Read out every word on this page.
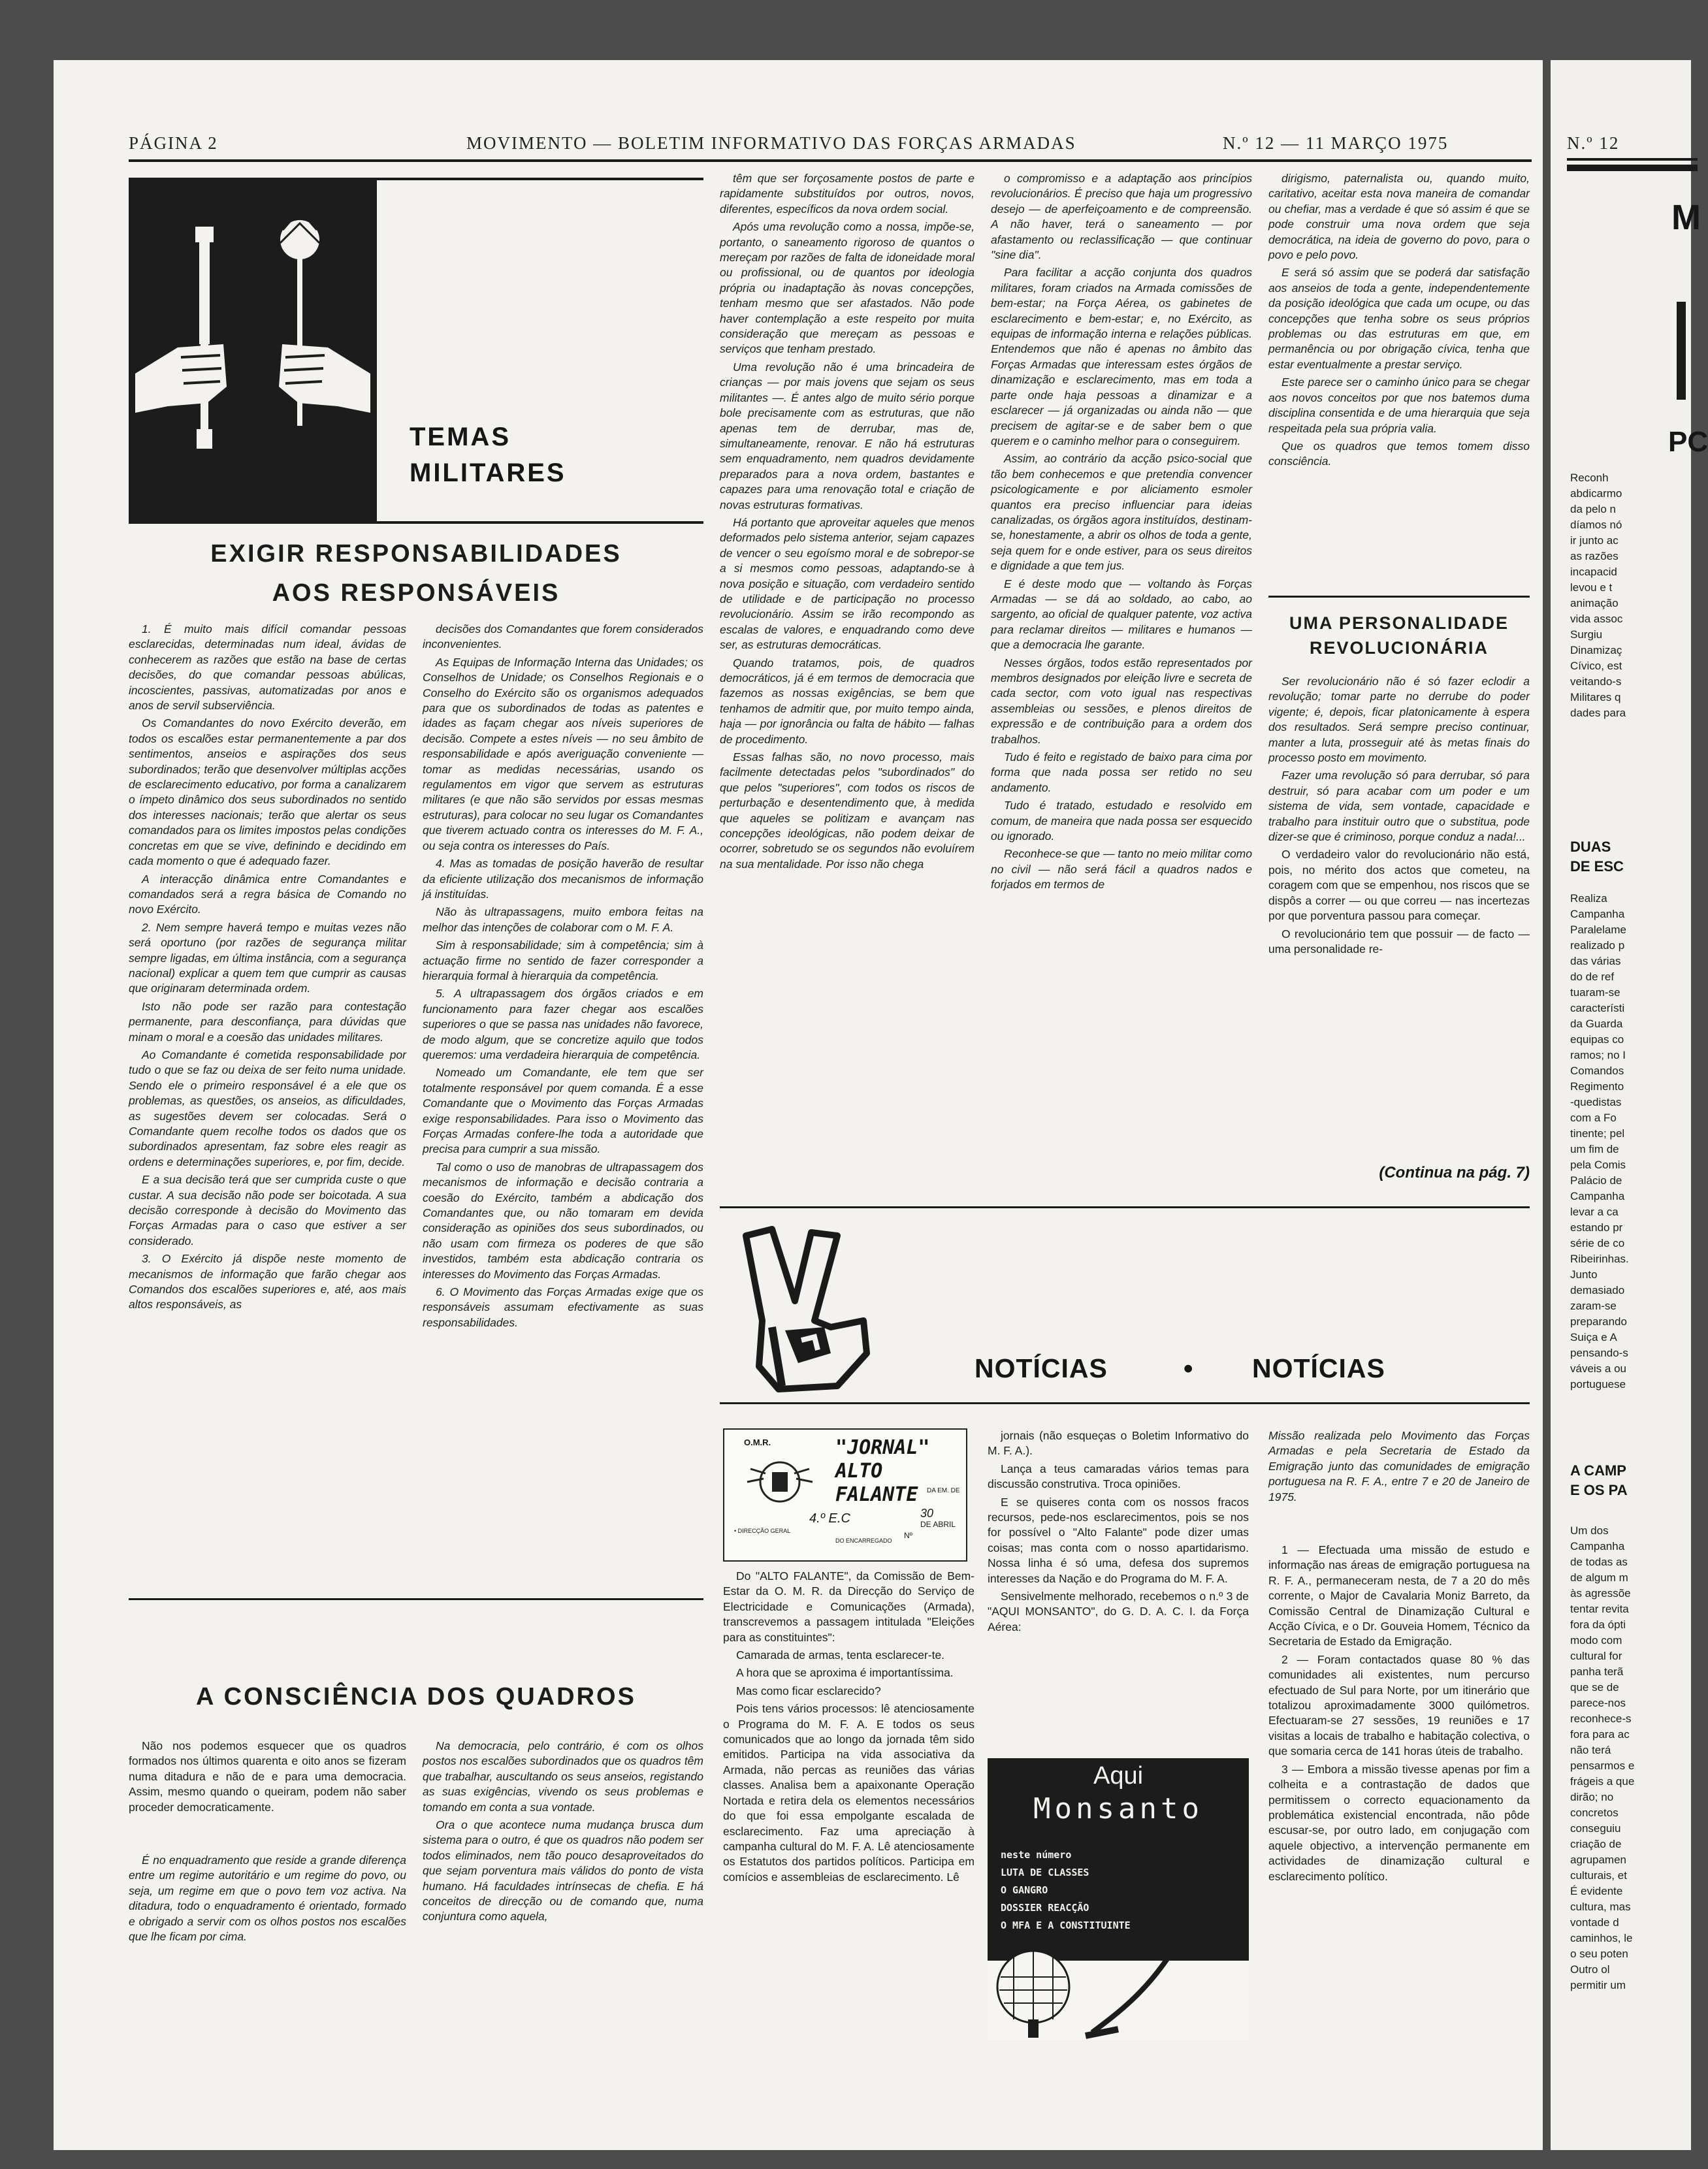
PÁGINA 2	MOVIMENTO — BOLETIM INFORMATIVO DAS FORÇAS ARMADAS	N.º 12 — 11 MARÇO 1975
TEMAS
MILITARES
EXIGIR RESPONSABILIDADES
AOS RESPONSÁVEIS

1. É muito mais difícil comandar pessoas esclarecidas, determinadas num ideal, ávidas de conhecerem as razões que estão na base de certas decisões, do que comandar pessoas abúlicas, incoscientes, passivas, automatizadas por anos e anos de servil subserviência.

Os Comandantes do novo Exército deverão, em todos os escalões estar permanentemente a par dos sentimentos, anseios e aspirações dos seus subordinados; terão que desenvolver múltiplas acções de esclarecimento educativo, por forma a canalizarem o ímpeto dinâmico dos seus subordinados no sentido dos interesses nacionais; terão que alertar os seus comandados para os limites impostos pelas condições concretas em que se vive, definindo e decidindo em cada momento o que é adequado fazer.

A interacção dinâmica entre Comandantes e comandados será a regra básica de Comando no novo Exército.

2. Nem sempre haverá tempo e muitas vezes não será oportuno (por razões de segurança militar sempre ligadas, em última instância, com a segurança nacional) explicar a quem tem que cumprir as causas que originaram determinada ordem.

Isto não pode ser razão para contestação permanente, para desconfiança, para dúvidas que minam o moral e a coesão das unidades militares.

Ao Comandante é cometida responsabilidade por tudo o que se faz ou deixa de ser feito numa unidade. Sendo ele o primeiro responsável é a ele que os problemas, as questões, os anseios, as dificuldades, as sugestões devem ser colocadas. Será o Comandante quem recolhe todos os dados que os subordinados apresentam, faz sobre eles reagir as ordens e determinações superiores, e, por fim, decide.

E a sua decisão terá que ser cumprida custe o que custar. A sua decisão não pode ser boicotada. A sua decisão corresponde à decisão do Movimento das Forças Armadas para o caso que estiver a ser considerado.

3. O Exército já dispõe neste momento de mecanismos de informação que farão chegar aos Comandos dos escalões superiores e, até, aos mais altos responsáveis, as

decisões dos Comandantes que forem considerados inconvenientes.

As Equipas de Informação Interna das Unidades; os Conselhos de Unidade; os Conselhos Regionais e o Conselho do Exército são os organismos adequados para que os subordinados de todas as patentes e idades as façam chegar aos níveis superiores de decisão. Compete a estes níveis — no seu âmbito de responsabilidade e após averiguação conveniente — tomar as medidas necessárias, usando os regulamentos em vigor que servem as estruturas militares (e que não são servidos por essas mesmas estruturas), para colocar no seu lugar os Comandantes que tiverem actuado contra os interesses do M. F. A., ou seja contra os interesses do País.

4. Mas as tomadas de posição haverão de resultar da eficiente utilização dos mecanismos de informação já instituídas.

Não às ultrapassagens, muito embora feitas na melhor das intenções de colaborar com o M. F. A.

Sim à responsabilidade; sim à competência; sim à actuação firme no sentido de fazer corresponder a hierarquia formal à hierarquia da competência.

5. A ultrapassagem dos órgãos criados e em funcionamento para fazer chegar aos escalões superiores o que se passa nas unidades não favorece, de modo algum, que se concretize aquilo que todos queremos: uma verdadeira hierarquia de competência.

Nomeado um Comandante, ele tem que ser totalmente responsável por quem comanda. É a esse Comandante que o Movimento das Forças Armadas exige responsabilidades. Para isso o Movimento das Forças Armadas confere-lhe toda a autoridade que precisa para cumprir a sua missão.

Tal como o uso de manobras de ultrapassagem dos mecanismos de informação e decisão contraria a coesão do Exército, também a abdicação dos Comandantes que, ou não tomaram em devida consideração as opiniões dos seus subordinados, ou não usam com firmeza os poderes de que são investidos, também esta abdicação contraria os interesses do Movimento das Forças Armadas.

6. O Movimento das Forças Armadas exige que os responsáveis assumam efectivamente as suas responsabilidades.

têm que ser forçosamente postos de parte e rapidamente substituídos por outros, novos, diferentes, específicos da nova ordem social.

Após uma revolução como a nossa, impõe-se, portanto, o saneamento rigoroso de quantos o mereçam por razões de falta de idoneidade moral ou profissional, ou de quantos por ideologia própria ou inadaptação às novas concepções, tenham mesmo que ser afastados. Não pode haver contemplação a este respeito por muita consideração que mereçam as pessoas e serviços que tenham prestado.

Uma revolução não é uma brincadeira de crianças — por mais jovens que sejam os seus militantes —. É antes algo de muito sério porque bole precisamente com as estruturas, que não apenas tem de derrubar, mas de, simultaneamente, renovar. E não há estruturas sem enquadramento, nem quadros devidamente preparados para a nova ordem, bastantes e capazes para uma renovação total e criação de novas estruturas formativas.

Há portanto que aproveitar aqueles que menos deformados pelo sistema anterior, sejam capazes de vencer o seu egoísmo moral e de sobrepor-se a si mesmos como pessoas, adaptando-se à nova posição e situação, com verdadeiro sentido de utilidade e de participação no processo revolucionário. Assim se irão recompondo as escalas de valores, e enquadrando como deve ser, as estruturas democráticas.

Quando tratamos, pois, de quadros democráticos, já é em termos de democracia que fazemos as nossas exigências, se bem que tenhamos de admitir que, por muito tempo ainda, haja — por ignorância ou falta de hábito — falhas de procedimento.

Essas falhas são, no novo processo, mais facilmente detectadas pelos "subordinados" do que pelos "superiores", com todos os riscos de perturbação e desentendimento que, à medida que aqueles se politizam e avançam nas concepções ideológicas, não podem deixar de ocorrer, sobretudo se os segundos não evoluírem na sua mentalidade. Por isso não chega

o compromisso e a adaptação aos princípios revolucionários. É preciso que haja um progressivo desejo — de aperfeiçoamento e de compreensão. A não haver, terá o saneamento — por afastamento ou reclassificação — que continuar "sine dia".

Para facilitar a acção conjunta dos quadros militares, foram criados na Armada comissões de bem-estar; na Força Aérea, os gabinetes de esclarecimento e bem-estar; e, no Exército, as equipas de informação interna e relações públicas. Entendemos que não é apenas no âmbito das Forças Armadas que interessam estes órgãos de dinamização e esclarecimento, mas em toda a parte onde haja pessoas a dinamizar e a esclarecer — já organizadas ou ainda não — que precisem de agitar-se e de saber bem o que querem e o caminho melhor para o conseguirem.

Assim, ao contrário da acção psico-social que tão bem conhecemos e que pretendia convencer psicologicamente e por aliciamento esmoler quantos era preciso influenciar para ideias canalizadas, os órgãos agora instituídos, destinam-se, honestamente, a abrir os olhos de toda a gente, seja quem for e onde estiver, para os seus direitos e dignidade a que tem jus.

E é deste modo que — voltando às Forças Armadas — se dá ao soldado, ao cabo, ao sargento, ao oficial de qualquer patente, voz activa para reclamar direitos — militares e humanos — que a democracia lhe garante.

Nesses órgãos, todos estão representados por membros designados por eleição livre e secreta de cada sector, com voto igual nas respectivas assembleias ou sessões, e plenos direitos de expressão e de contribuição para a ordem dos trabalhos.

Tudo é feito e registado de baixo para cima por forma que nada possa ser retido no seu andamento.

Tudo é tratado, estudado e resolvido em comum, de maneira que nada possa ser esquecido ou ignorado.

Reconhece-se que — tanto no meio militar como no civil — não será fácil a quadros nados e forjados em termos de

dirigismo, paternalista ou, quando muito, caritativo, aceitar esta nova maneira de comandar ou chefiar, mas a verdade é que só assim é que se pode construir uma nova ordem que seja democrática, na ideia de governo do povo, para o povo e pelo povo.

E será só assim que se poderá dar satisfação aos anseios de toda a gente, independentemente da posição ideológica que cada um ocupe, ou das concepções que tenha sobre os seus próprios problemas ou das estruturas em que, em permanência ou por obrigação cívica, tenha que estar eventualmente a prestar serviço.

Este parece ser o caminho único para se chegar aos novos conceitos por que nos batemos duma disciplina consentida e de uma hierarquia que seja respeitada pela sua própria valia.

Que os quadros que temos tomem disso consciência.

UMA PERSONALIDADE
REVOLUCIONÁRIA

Ser revolucionário não é só fazer eclodir a revolução; tomar parte no derrube do poder vigente; é, depois, ficar platonicamente à espera dos resultados. Será sempre preciso continuar, manter a luta, prosseguir até às metas finais do processo posto em movimento.

Fazer uma revolução só para derrubar, só para destruir, só para acabar com um poder e um sistema de vida, sem vontade, capacidade e trabalho para instituir outro que o substitua, pode dizer-se que é criminoso, porque conduz a nada!...

O verdadeiro valor do revolucionário não está, pois, no mérito dos actos que cometeu, na coragem com que se empenhou, nos riscos que se dispôs a correr — ou que correu — nas incertezas por que porventura passou para começar.

O revolucionário tem que possuir — de facto — uma personalidade re-

(Continua na pág. 7)
A CONSCIÊNCIA DOS QUADROS

Não nos podemos esquecer que os quadros formados nos últimos quarenta e oito anos se fizeram numa ditadura e não de e para uma democracia. Assim, mesmo quando o queiram, podem não saber proceder democraticamente.

É no enquadramento que reside a grande diferença entre um regime autoritário e um regime do povo, ou seja, um regime em que o povo tem voz activa. Na ditadura, todo o enquadramento é orientado, formado e obrigado a servir com os olhos postos nos escalões que lhe ficam por cima.

Na democracia, pelo contrário, é com os olhos postos nos escalões subordinados que os quadros têm que trabalhar, auscultando os seus anseios, registando as suas exigências, vivendo os seus problemas e tomando em conta a sua vontade.

Ora o que acontece numa mudança brusca dum sistema para o outro, é que os quadros não podem ser todos eliminados, nem tão pouco desaproveitados do que sejam porventura mais válidos do ponto de vista humano. Há faculdades intrínsecas de chefia. E há conceitos de direcção ou de comando que, numa conjuntura como aquela,

NOTÍCIAS	• NOTÍCIAS
O.M.R.	"JORNAL" ALTO FALANTE	DA EM. DE
4.º E.C	30
DE ABRIL
Nº
• DIRECÇÃO GERAL
DO ENCARREGADO

Do "ALTO FALANTE", da Comissão de Bem-Estar da O. M. R. da Direcção do Serviço de Electricidade e Comunicações (Armada), transcrevemos a passagem intitulada "Eleições para as constituintes":

Camarada de armas, tenta esclarecer-te.

A hora que se aproxima é importantíssima.

Mas como ficar esclarecido?

Pois tens vários processos: lê atenciosamente o Programa do M. F. A. E todos os seus comunicados que ao longo da jornada têm sido emitidos. Participa na vida associativa da Armada, não percas as reuniões das várias classes. Analisa bem a apaixonante Operação Nortada e retira dela os elementos necessários do que foi essa empolgante escalada de esclarecimento. Faz uma apreciação à campanha cultural do M. F. A. Lê atenciosamente os Estatutos dos partidos políticos. Participa em comícios e assembleias de esclarecimento. Lê

jornais (não esqueças o Boletim Informativo do M. F. A.).

Lança a teus camaradas vários temas para discussão construtiva. Troca opiniões.

E se quiseres conta com os nossos fracos recursos, pede-nos esclarecimentos, pois se nos for possível o "Alto Falante" pode dizer umas coisas; mas conta com o nosso apartidarismo. Nossa linha é só uma, defesa dos supremos interesses da Nação e do Programa do M. F. A.

Sensivelmente melhorado, recebemos o n.º 3 de "AQUI MONSANTO", do G. D. A. C. I. da Força Aérea:

Aqui
Monsanto
neste número
LUTA DE CLASSES
O GANGRO
DOSSIER REACÇÃO
O MFA E A CONSTITUINTE

Missão realizada pelo Movimento das Forças Armadas e pela Secretaria de Estado da Emigração junto das comunidades de emigração portuguesa na R. F. A., entre 7 e 20 de Janeiro de 1975.

1 — Efectuada uma missão de estudo e informação nas áreas de emigração portuguesa na R. F. A., permaneceram nesta, de 7 a 20 do mês corrente, o Major de Cavalaria Moniz Barreto, da Comissão Central de Dinamização Cultural e Acção Cívica, e o Dr. Gouveia Homem, Técnico da Secretaria de Estado da Emigração.

2 — Foram contactados quase 80 % das comunidades ali existentes, num percurso efectuado de Sul para Norte, por um itinerário que totalizou aproximadamente 3000 quilómetros. Efectuaram-se 27 sessões, 19 reuniões e 17 visitas a locais de trabalho e habitação colectiva, o que somaria cerca de 141 horas úteis de trabalho.

3 — Embora a missão tivesse apenas por fim a colheita e a contrastação de dados que permitissem o correcto equacionamento da problemática existencial encontrada, não pôde escusar-se, por outro lado, em conjugação com aquele objectivo, a intervenção permanente em actividades de dinamização cultural e esclarecimento político.

N.º 12
M
PC
Reconh
abdicarmo
da pelo n
díamos nó
ir junto ac
as razões
incapacid
levou e t
animação
vida assoc
Surgiu
Dinamizaç
Cívico, est
veitando-s
Militares q
dades para
DUAS
DE ESC
Realiza
Campanha
Paralelame
realizado p
das várias
do de ref
tuaram-se
característi
da Guarda
equipas co
ramos; no I
Comandos
Regimento
-quedistas
com a Fo
tinente; pel
um fim de
pela Comis
Palácio de
Campanha
levar a ca
estando pr
série de co
Ribeirinhas.
Junto
demasiado
zaram-se
preparando
Suiça e A
pensando-s
váveis a ou
portuguese
A CAMP
E OS PA
Um dos
Campanha
de todas as
de algum m
às agressõe
tentar revita
fora da ópti
modo com
cultural for
panha terã
que se de
parece-nos
reconhece-s
fora para ac
não terá
pensarmos e
frágeis a que
dirão; no
concretos
conseguiu
criação de
agrupamen
culturais, et
É evidente
cultura, mas
vontade d
caminhos, le
o seu poten
Outro ol
permitir um
